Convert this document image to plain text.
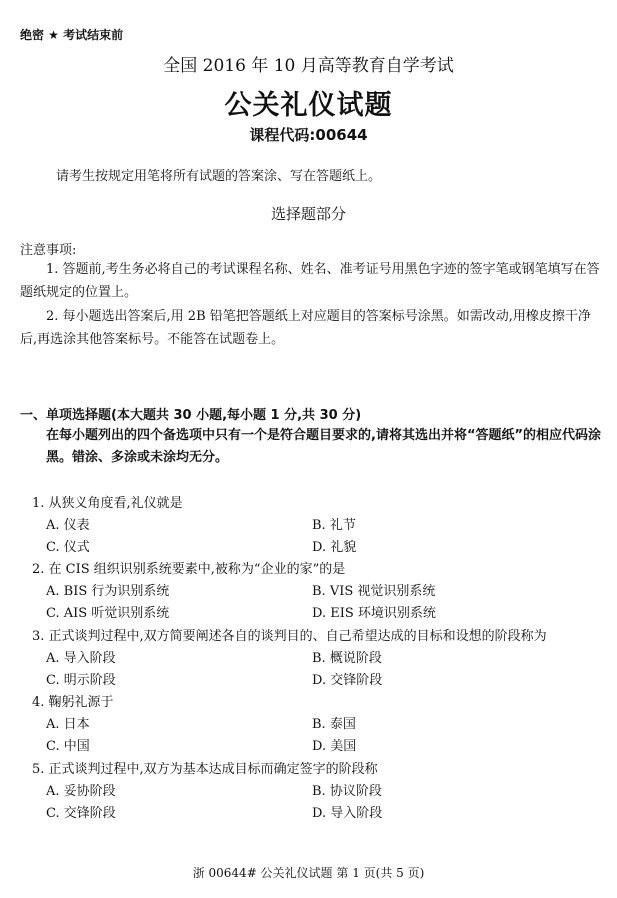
绝密 ★ 考试结束前
全国 2016 年 10 月高等教育自学考试
公关礼仪试题
课程代码:00644
请考生按规定用笔将所有试题的答案涂、写在答题纸上。
选择题部分
注意事项:
1. 答题前,考生务必将自己的考试课程名称、姓名、准考证号用黑色字迹的签字笔或钢笔填写在答题纸规定的位置上。
2. 每小题选出答案后,用 2B 铅笔把答题纸上对应题目的答案标号涂黑。如需改动,用橡皮擦干净后,再选涂其他答案标号。不能答在试题卷上。
一、单项选择题(本大题共 30 小题,每小题 1 分,共 30 分)
在每小题列出的四个备选项中只有一个是符合题目要求的,请将其选出并将“答题纸”的相应代码涂黑。错涂、多涂或未涂均无分。
1. 从狭义角度看,礼仪就是
A. 仪表	B. 礼节
C. 仪式	D. 礼貌
2. 在 CIS 组织识别系统要素中,被称为“企业的家”的是
A. BIS 行为识别系统	B. VIS 视觉识别系统
C. AIS 听觉识别系统	D. EIS 环境识别系统
3. 正式谈判过程中,双方简要阐述各自的谈判目的、自己希望达成的目标和设想的阶段称为
A. 导入阶段	B. 概说阶段
C. 明示阶段	D. 交锋阶段
4. 鞠躬礼源于
A. 日本	B. 泰国
C. 中国	D. 美国
5. 正式谈判过程中,双方为基本达成目标而确定签字的阶段称
A. 妥协阶段	B. 协议阶段
C. 交锋阶段	D. 导入阶段
浙 00644# 公关礼仪试题 第 1 页(共 5 页)
